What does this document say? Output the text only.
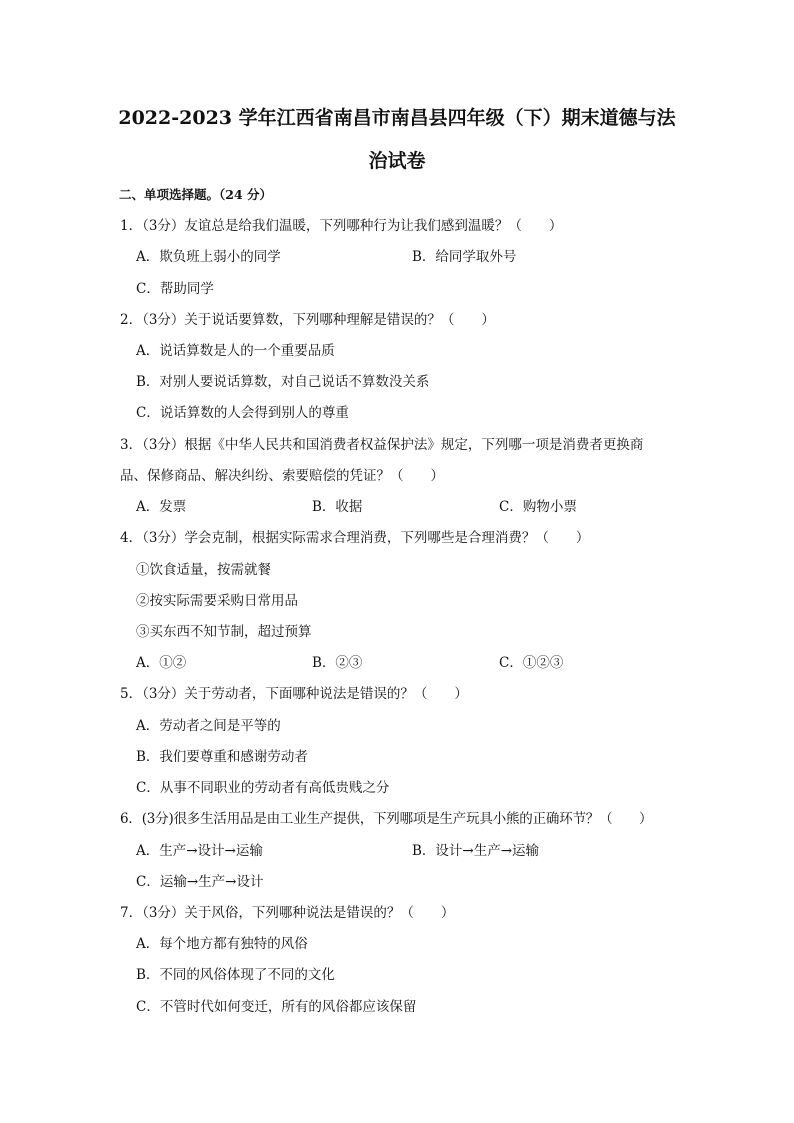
2022-2023 学年江西省南昌市南昌县四年级（下）期末道德与法
治试卷
二、单项选择题。（24 分）
1．（3分）友谊总是给我们温暖，下列哪种行为让我们感到温暖？（　　）
A．欺负班上弱小的同学	B．给同学取外号
C．帮助同学
2．（3分）关于说话要算数，下列哪种理解是错误的？（　　）
A．说话算数是人的一个重要品质
B．对别人要说话算数，对自己说话不算数没关系
C．说话算数的人会得到别人的尊重
3．（3分）根据《中华人民共和国消费者权益保护法》规定，下列哪一项是消费者更换商
品、保修商品、解决纠纷、索要赔偿的凭证？（　　）
A．发票	B．收据	C．购物小票
4．（3分）学会克制，根据实际需求合理消费，下列哪些是合理消费？（　　）
①饮食适量，按需就餐
②按实际需要采购日常用品
③买东西不知节制，超过预算
A．①②	B．②③	C．①②③
5．（3分）关于劳动者，下面哪种说法是错误的？（　　）
A．劳动者之间是平等的
B．我们要尊重和感谢劳动者
C．从事不同职业的劳动者有高低贵贱之分
6．(3分)很多生活用品是由工业生产提供，下列哪项是生产玩具小熊的正确环节？（　　）
A．生产→设计→运输	B．设计→生产→运输
C．运输→生产→设计
7．（3分）关于风俗，下列哪种说法是错误的？（　　）
A．每个地方都有独特的风俗
B．不同的风俗体现了不同的文化
C．不管时代如何变迁，所有的风俗都应该保留
